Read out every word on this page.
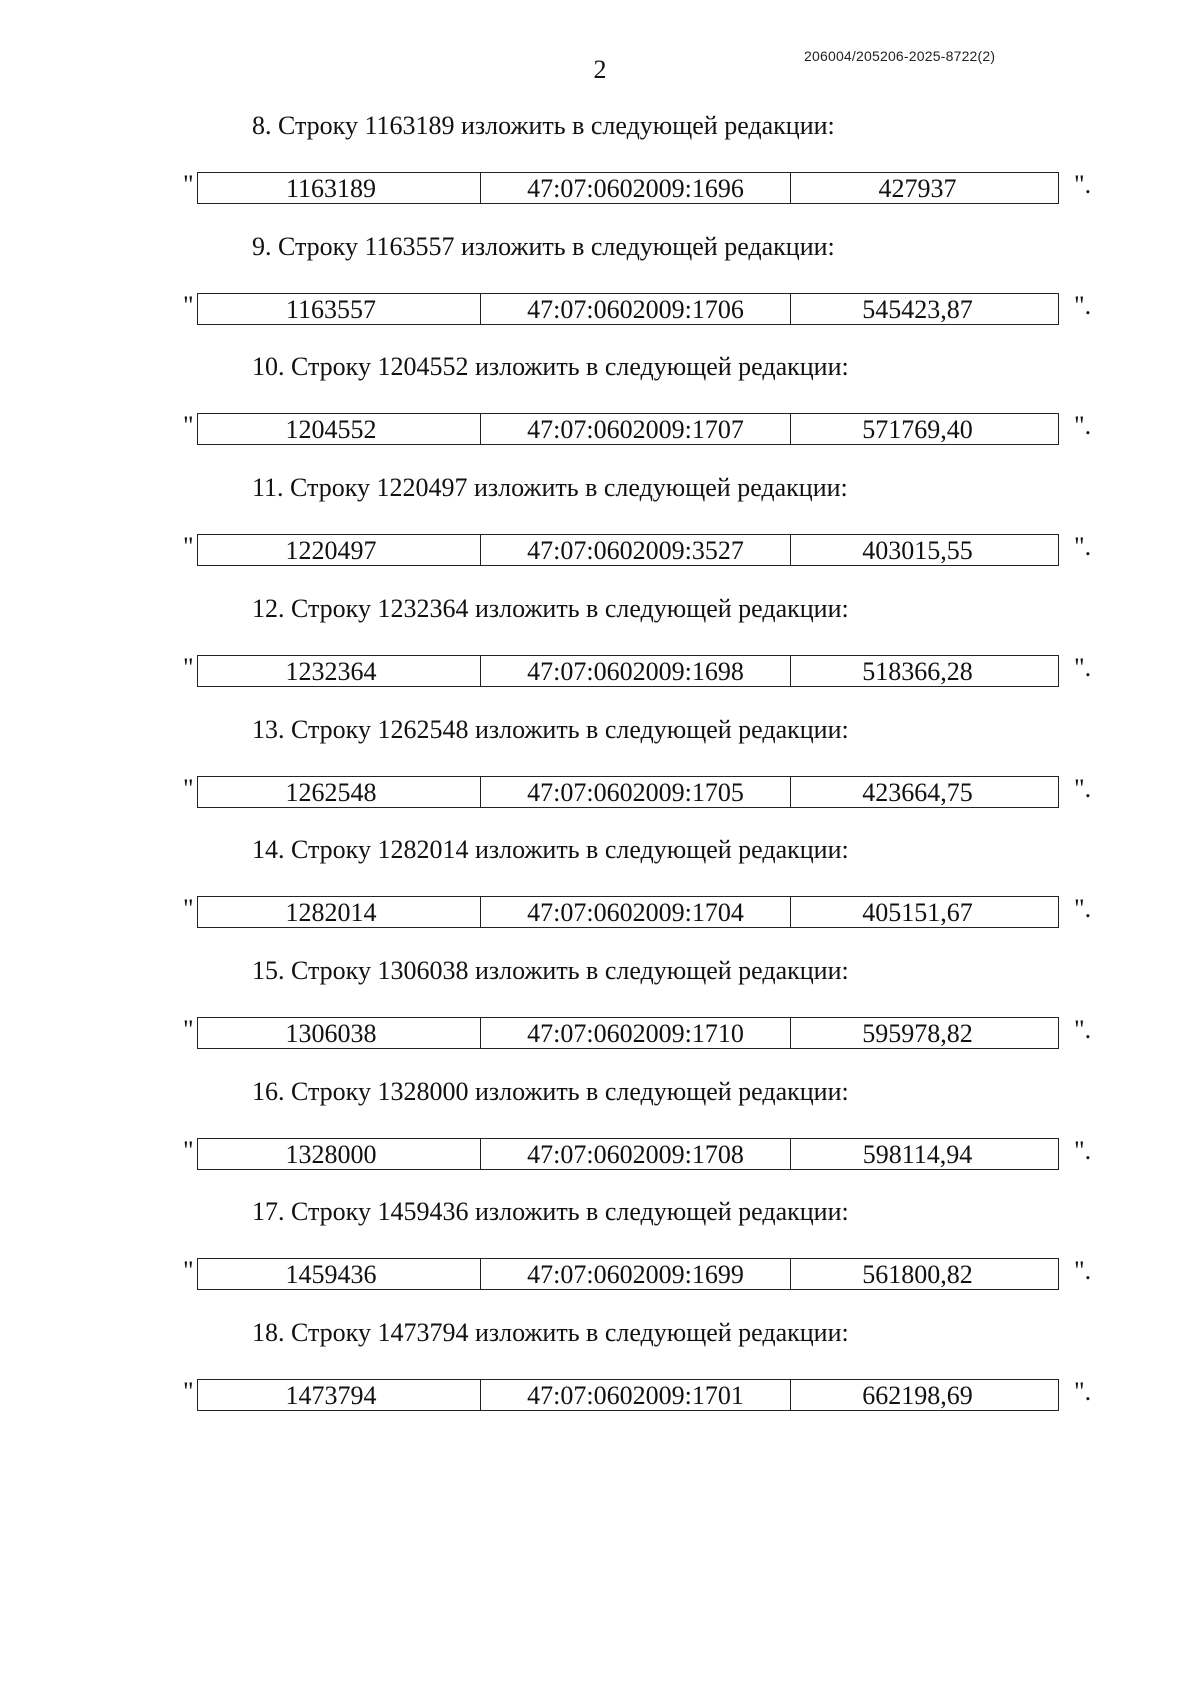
2	206004/205206-2025-8722(2)
8. Строку 1163189 изложить в следующей редакции:
"	1163189	47:07:0602009:1696	427937	".
9. Строку 1163557 изложить в следующей редакции:
"	1163557	47:07:0602009:1706	545423,87	".
10. Строку 1204552 изложить в следующей редакции:
"	1204552	47:07:0602009:1707	571769,40	".
11. Строку 1220497 изложить в следующей редакции:
"	1220497	47:07:0602009:3527	403015,55	".
12. Строку 1232364 изложить в следующей редакции:
"	1232364	47:07:0602009:1698	518366,28	".
13. Строку 1262548 изложить в следующей редакции:
"	1262548	47:07:0602009:1705	423664,75	".
14. Строку 1282014 изложить в следующей редакции:
"	1282014	47:07:0602009:1704	405151,67	".
15. Строку 1306038 изложить в следующей редакции:
"	1306038	47:07:0602009:1710	595978,82	".
16. Строку 1328000 изложить в следующей редакции:
"	1328000	47:07:0602009:1708	598114,94	".
17. Строку 1459436 изложить в следующей редакции:
"	1459436	47:07:0602009:1699	561800,82	".
18. Строку 1473794 изложить в следующей редакции:
"	1473794	47:07:0602009:1701	662198,69	".
